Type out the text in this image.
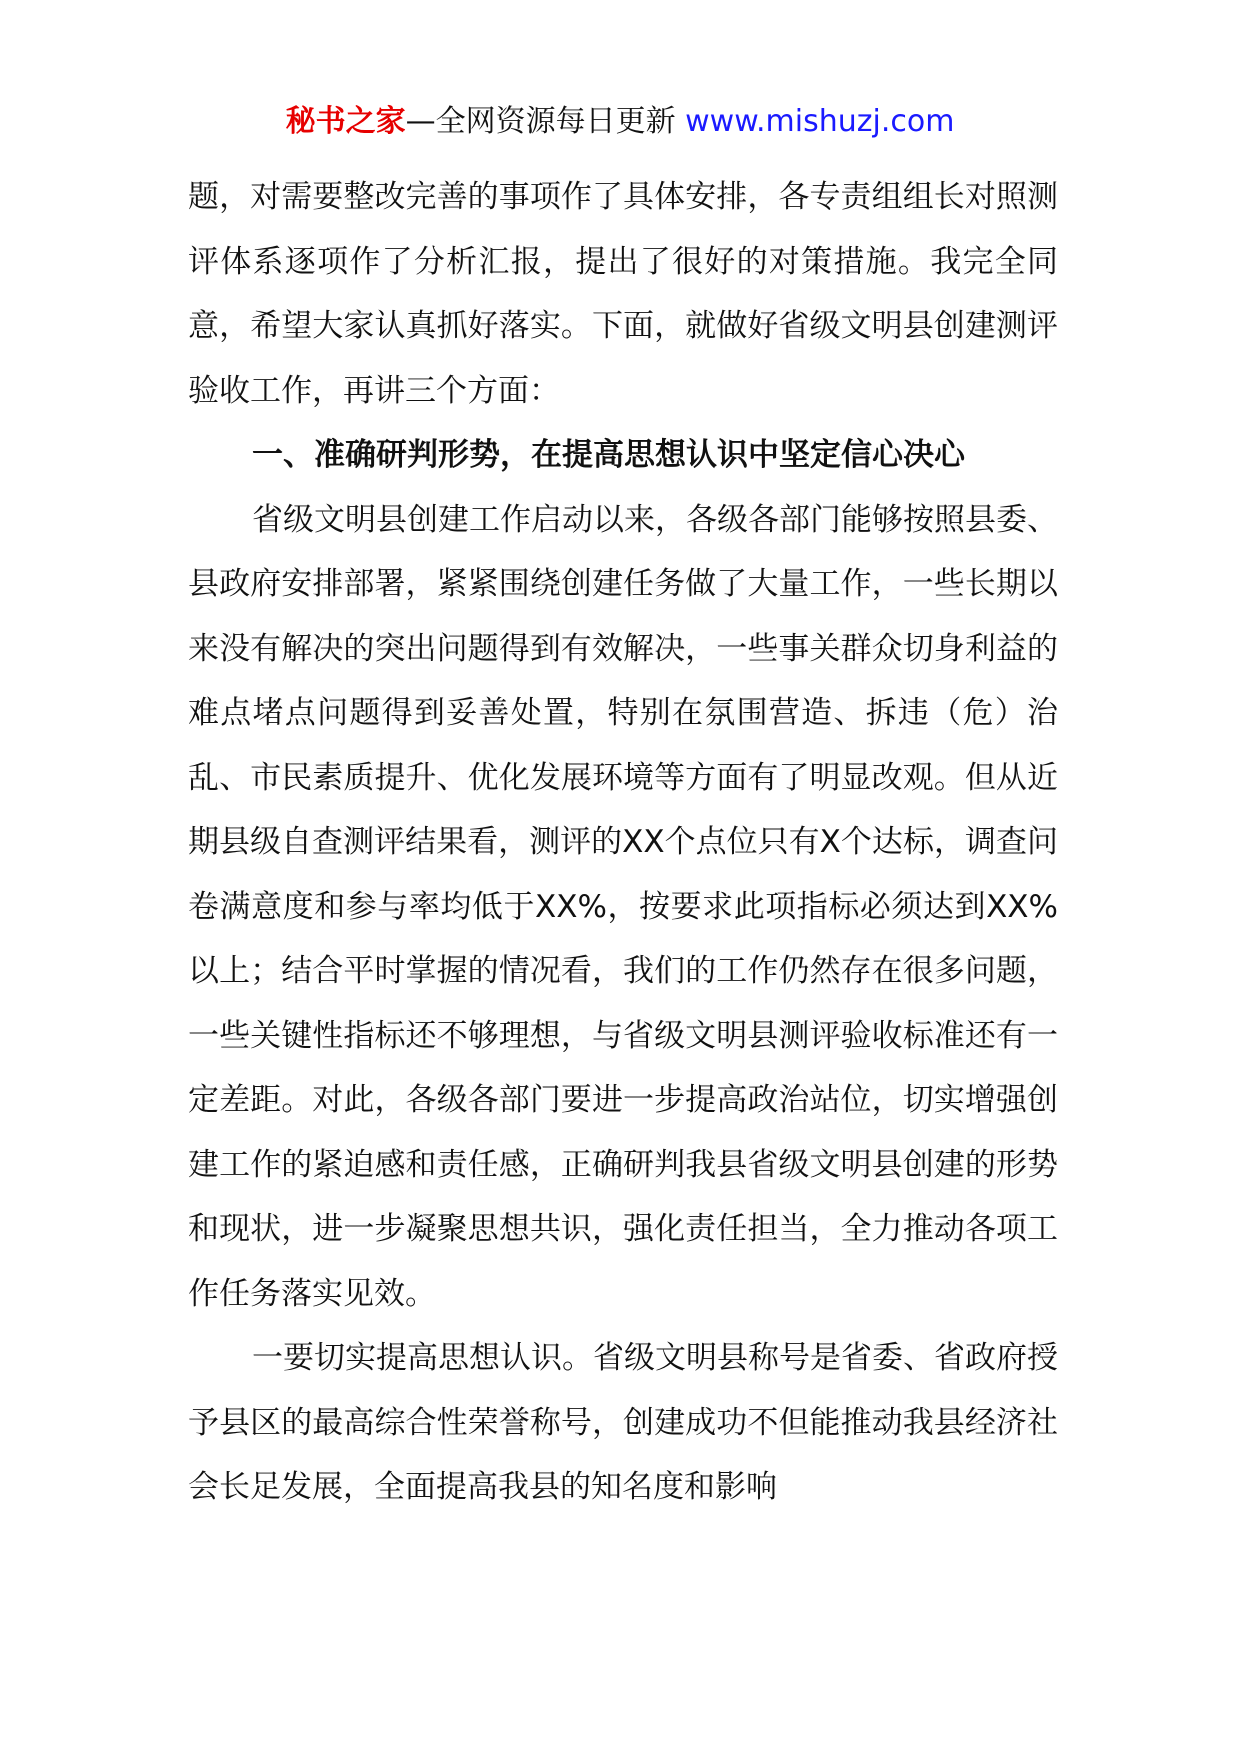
秘书之家—全网资源每日更新 www.mishuzj.com

题，对需要整改完善的事项作了具体安排，各专责组组长对照测评体系逐项作了分析汇报，提出了很好的对策措施。我完全同意，希望大家认真抓好落实。下面，就做好省级文明县创建测评验收工作，再讲三个方面：

一、准确研判形势，在提高思想认识中坚定信心决心

省级文明县创建工作启动以来，各级各部门能够按照县委、县政府安排部署，紧紧围绕创建任务做了大量工作，一些长期以来没有解决的突出问题得到有效解决，一些事关群众切身利益的难点堵点问题得到妥善处置，特别在氛围营造、拆违（危）治乱、市民素质提升、优化发展环境等方面有了明显改观。但从近期县级自查测评结果看，测评的XX个点位只有X个达标，调查问卷满意度和参与率均低于XX%，按要求此项指标必须达到XX%以上；结合平时掌握的情况看，我们的工作仍然存在很多问题，一些关键性指标还不够理想，与省级文明县测评验收标准还有一定差距。对此，各级各部门要进一步提高政治站位，切实增强创建工作的紧迫感和责任感，正确研判我县省级文明县创建的形势和现状，进一步凝聚思想共识，强化责任担当，全力推动各项工作任务落实见效。

一要切实提高思想认识。省级文明县称号是省委、省政府授予县区的最高综合性荣誉称号，创建成功不但能推动我县经济社会长足发展，全面提高我县的知名度和影响
